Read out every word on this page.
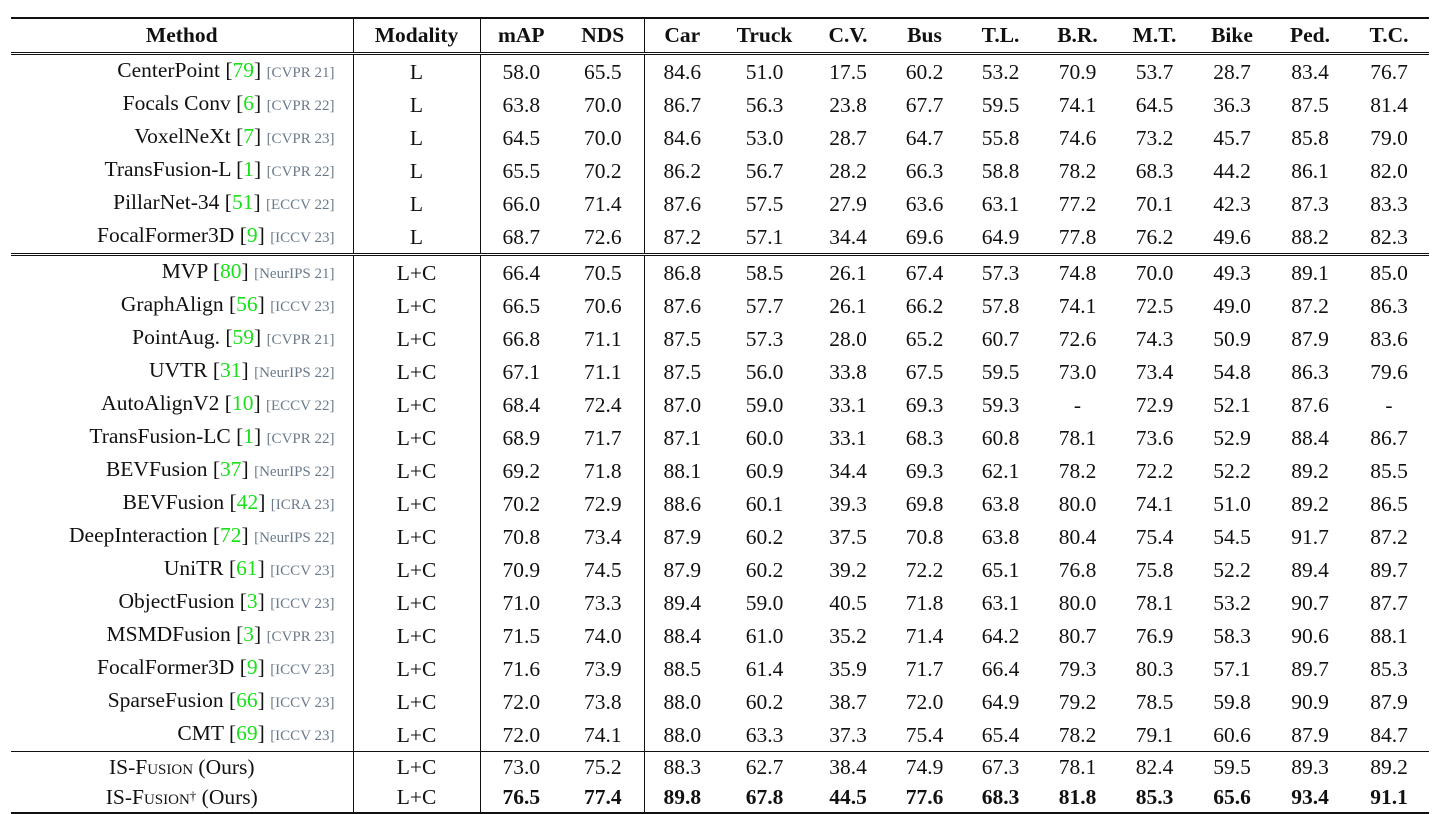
Method	Modality	mAP	NDS	Car	Truck	C.V.	Bus	T.L.	B.R.	M.T.	Bike	Ped.	T.C.
CenterPoint [79] [CVPR 21]	L	58.0	65.5	84.6	51.0	17.5	60.2	53.2	70.9	53.7	28.7	83.4	76.7
Focals Conv [6] [CVPR 22]	L	63.8	70.0	86.7	56.3	23.8	67.7	59.5	74.1	64.5	36.3	87.5	81.4
VoxelNeXt [7] [CVPR 23]	L	64.5	70.0	84.6	53.0	28.7	64.7	55.8	74.6	73.2	45.7	85.8	79.0
TransFusion-L [1] [CVPR 22]	L	65.5	70.2	86.2	56.7	28.2	66.3	58.8	78.2	68.3	44.2	86.1	82.0
PillarNet-34 [51] [ECCV 22]	L	66.0	71.4	87.6	57.5	27.9	63.6	63.1	77.2	70.1	42.3	87.3	83.3
FocalFormer3D [9] [ICCV 23]	L	68.7	72.6	87.2	57.1	34.4	69.6	64.9	77.8	76.2	49.6	88.2	82.3
MVP [80] [NeurIPS 21]	L+C	66.4	70.5	86.8	58.5	26.1	67.4	57.3	74.8	70.0	49.3	89.1	85.0
GraphAlign [56] [ICCV 23]	L+C	66.5	70.6	87.6	57.7	26.1	66.2	57.8	74.1	72.5	49.0	87.2	86.3
PointAug. [59] [CVPR 21]	L+C	66.8	71.1	87.5	57.3	28.0	65.2	60.7	72.6	74.3	50.9	87.9	83.6
UVTR [31] [NeurIPS 22]	L+C	67.1	71.1	87.5	56.0	33.8	67.5	59.5	73.0	73.4	54.8	86.3	79.6
AutoAlignV2 [10] [ECCV 22]	L+C	68.4	72.4	87.0	59.0	33.1	69.3	59.3	-	72.9	52.1	87.6	-
TransFusion-LC [1] [CVPR 22]	L+C	68.9	71.7	87.1	60.0	33.1	68.3	60.8	78.1	73.6	52.9	88.4	86.7
BEVFusion [37] [NeurIPS 22]	L+C	69.2	71.8	88.1	60.9	34.4	69.3	62.1	78.2	72.2	52.2	89.2	85.5
BEVFusion [42] [ICRA 23]	L+C	70.2	72.9	88.6	60.1	39.3	69.8	63.8	80.0	74.1	51.0	89.2	86.5
DeepInteraction [72] [NeurIPS 22]	L+C	70.8	73.4	87.9	60.2	37.5	70.8	63.8	80.4	75.4	54.5	91.7	87.2
UniTR [61] [ICCV 23]	L+C	70.9	74.5	87.9	60.2	39.2	72.2	65.1	76.8	75.8	52.2	89.4	89.7
ObjectFusion [3] [ICCV 23]	L+C	71.0	73.3	89.4	59.0	40.5	71.8	63.1	80.0	78.1	53.2	90.7	87.7
MSMDFusion [3] [CVPR 23]	L+C	71.5	74.0	88.4	61.0	35.2	71.4	64.2	80.7	76.9	58.3	90.6	88.1
FocalFormer3D [9] [ICCV 23]	L+C	71.6	73.9	88.5	61.4	35.9	71.7	66.4	79.3	80.3	57.1	89.7	85.3
SparseFusion [66] [ICCV 23]	L+C	72.0	73.8	88.0	60.2	38.7	72.0	64.9	79.2	78.5	59.8	90.9	87.9
CMT [69] [ICCV 23]	L+C	72.0	74.1	88.0	63.3	37.3	75.4	65.4	78.2	79.1	60.6	87.9	84.7
IS-Fusion (Ours)	L+C	73.0	75.2	88.3	62.7	38.4	74.9	67.3	78.1	82.4	59.5	89.3	89.2
IS-Fusion† (Ours)	L+C	76.5	77.4	89.8	67.8	44.5	77.6	68.3	81.8	85.3	65.6	93.4	91.1
